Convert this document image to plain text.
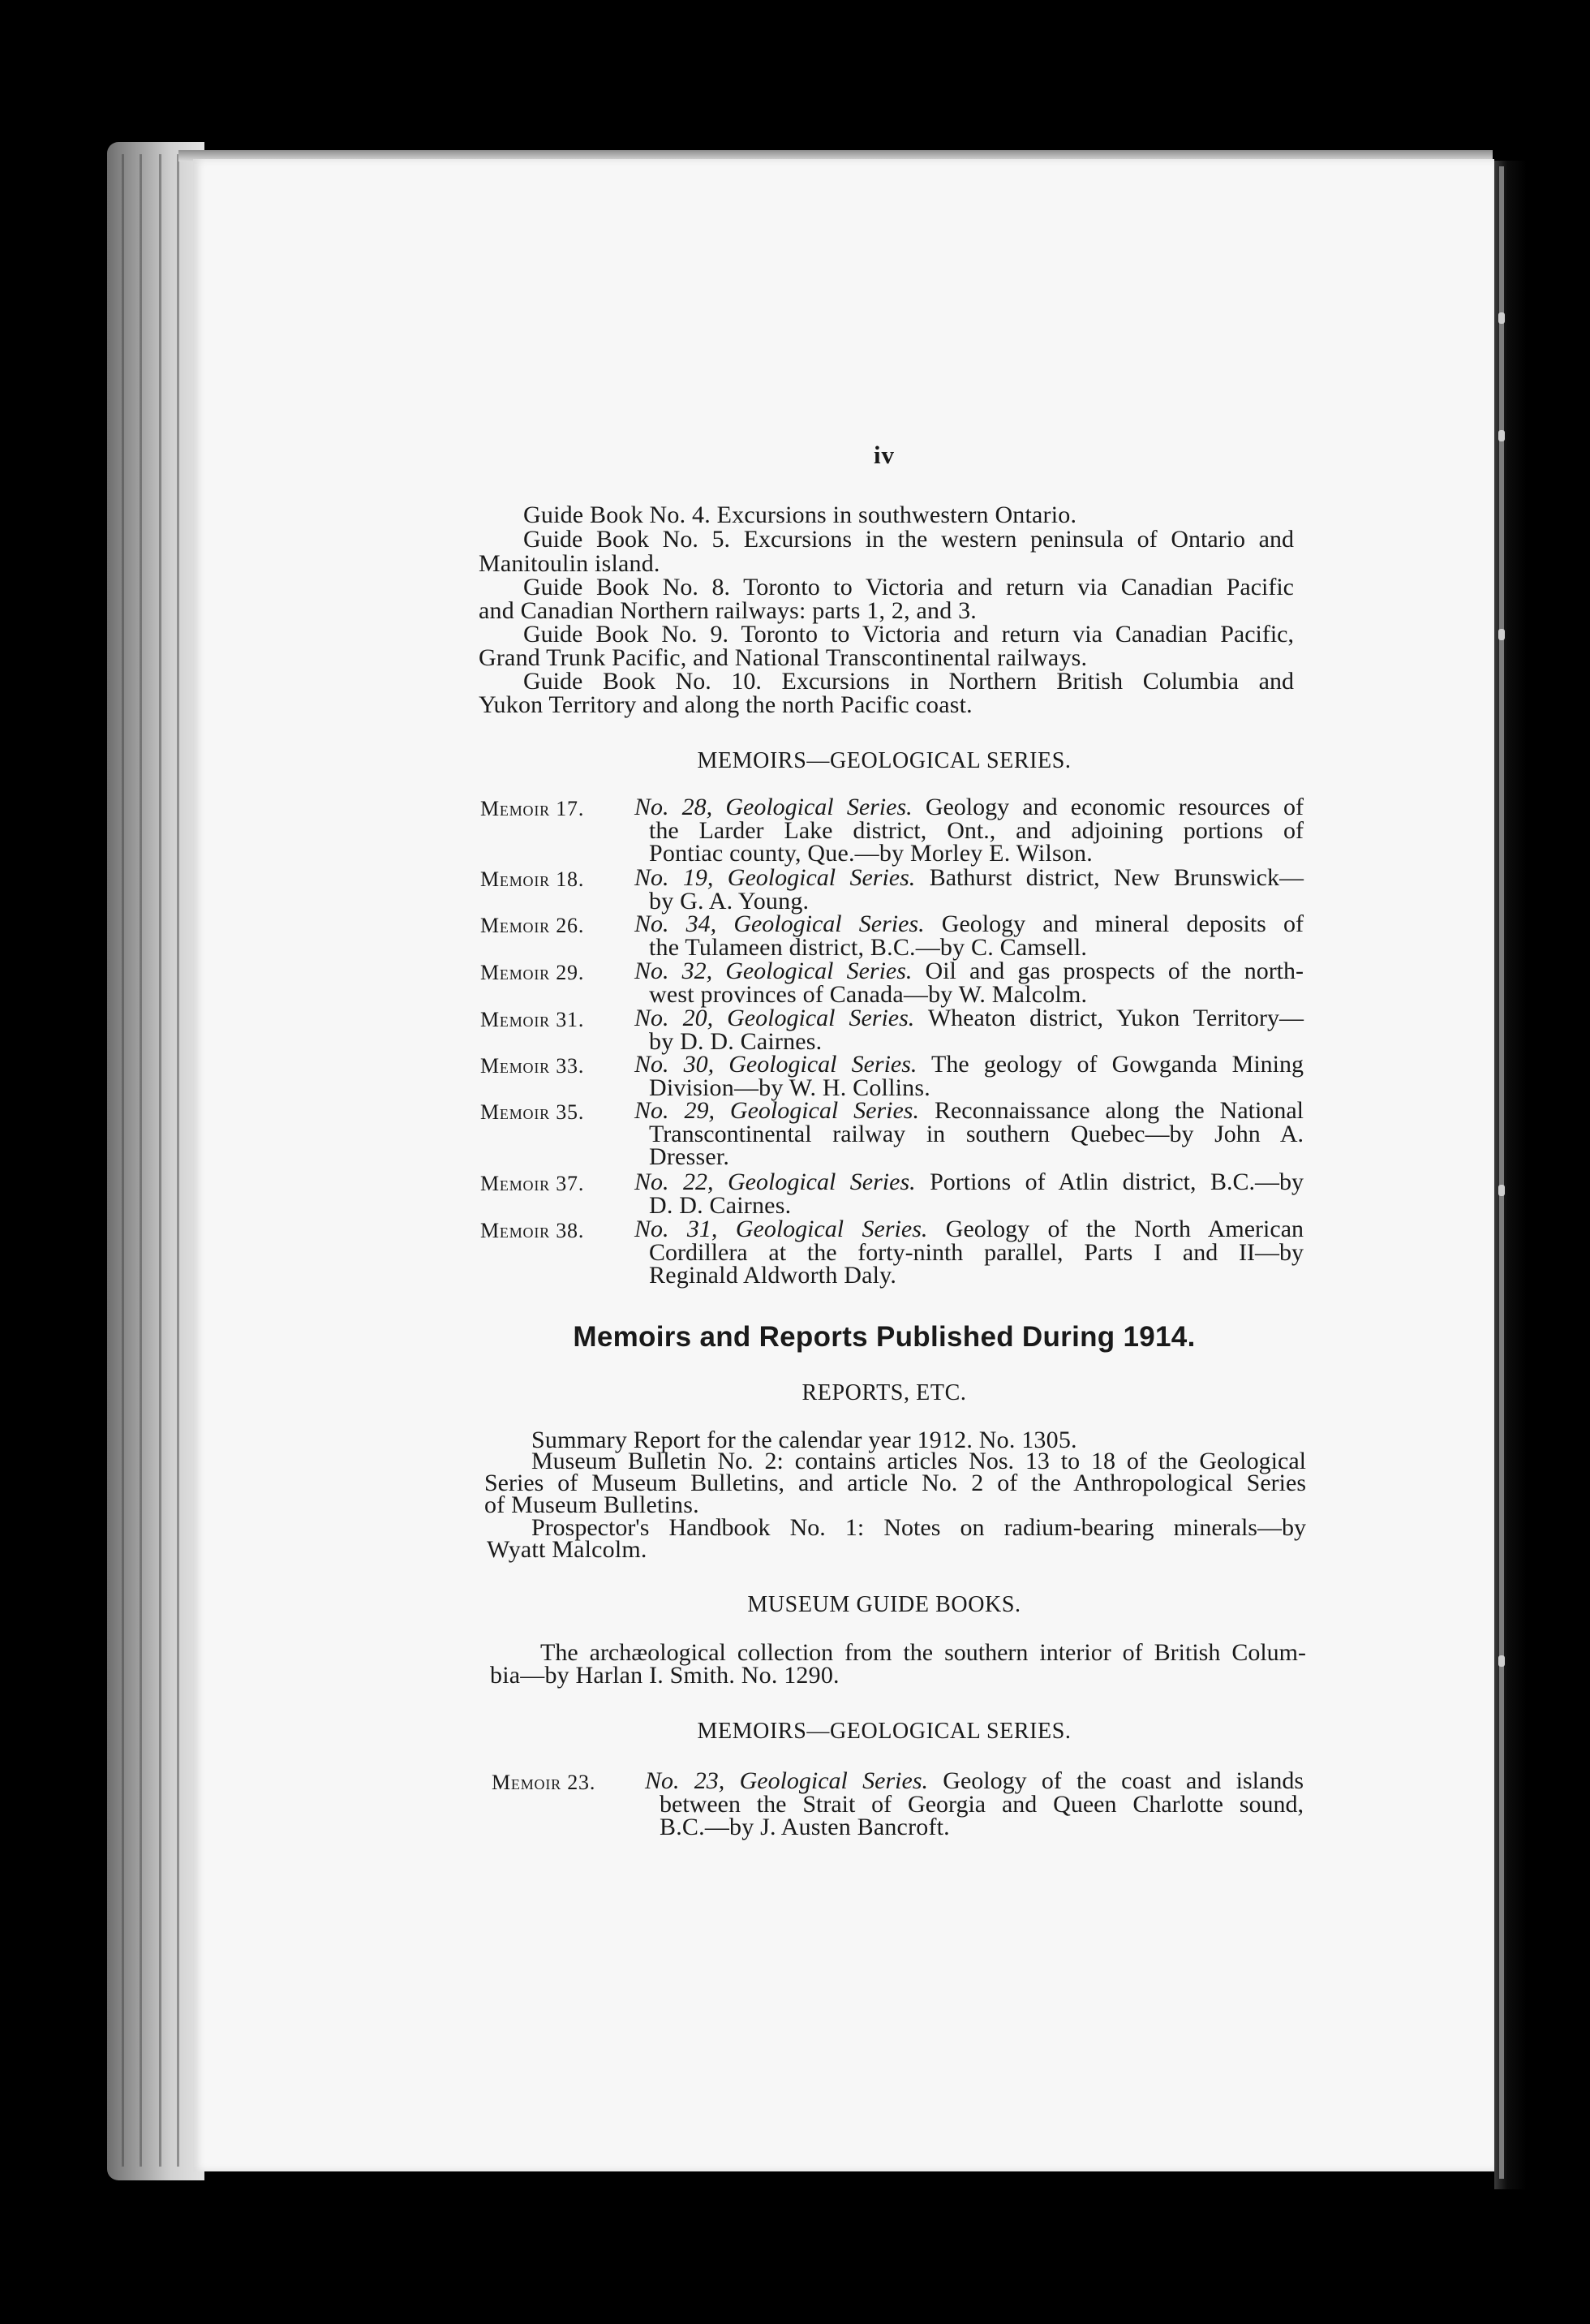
iv
Guide Book No. 4. Excursions in southwestern Ontario.
Guide Book No. 5. Excursions in the western peninsula of Ontario and
Manitoulin island.
Guide Book No. 8. Toronto to Victoria and return via Canadian Pacific
and Canadian Northern railways: parts 1, 2, and 3.
Guide Book No. 9. Toronto to Victoria and return via Canadian Pacific,
Grand Trunk Pacific, and National Transcontinental railways.
Guide Book No. 10. Excursions in Northern British Columbia and
Yukon Territory and along the north Pacific coast.
MEMOIRS—GEOLOGICAL SERIES.
Memoir 17. No. 28, Geological Series. Geology and economic resources of
the Larder Lake district, Ont., and adjoining portions of
Pontiac county, Que.—by Morley E. Wilson.
Memoir 18. No. 19, Geological Series. Bathurst district, New Brunswick—
by G. A. Young.
Memoir 26. No. 34, Geological Series. Geology and mineral deposits of
the Tulameen district, B.C.—by C. Camsell.
Memoir 29. No. 32, Geological Series. Oil and gas prospects of the north-
west provinces of Canada—by W. Malcolm.
Memoir 31. No. 20, Geological Series. Wheaton district, Yukon Territory—
by D. D. Cairnes.
Memoir 33. No. 30, Geological Series. The geology of Gowganda Mining
Division—by W. H. Collins.
Memoir 35. No. 29, Geological Series. Reconnaissance along the National
Transcontinental railway in southern Quebec—by John A.
Dresser.
Memoir 37. No. 22, Geological Series. Portions of Atlin district, B.C.—by
D. D. Cairnes.
Memoir 38. No. 31, Geological Series. Geology of the North American
Cordillera at the forty-ninth parallel, Parts I and II—by
Reginald Aldworth Daly.
Memoirs and Reports Published During 1914.
REPORTS, ETC.
Summary Report for the calendar year 1912. No. 1305.
Museum Bulletin No. 2: contains articles Nos. 13 to 18 of the Geological
Series of Museum Bulletins, and article No. 2 of the Anthropological Series
of Museum Bulletins.
Prospector's Handbook No. 1: Notes on radium-bearing minerals—by
Wyatt Malcolm.
MUSEUM GUIDE BOOKS.
The archæological collection from the southern interior of British Colum-
bia—by Harlan I. Smith. No. 1290.
MEMOIRS—GEOLOGICAL SERIES.
Memoir 23. No. 23, Geological Series. Geology of the coast and islands
between the Strait of Georgia and Queen Charlotte sound,
B.C.—by J. Austen Bancroft.
